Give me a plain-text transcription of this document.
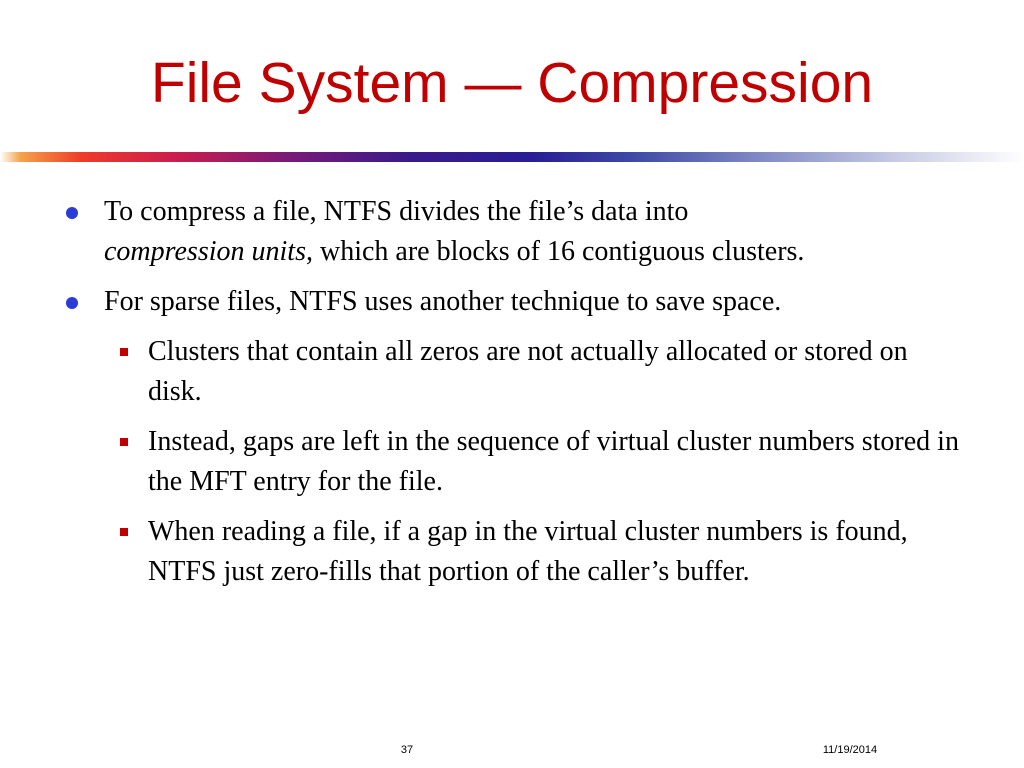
File System — Compression
To compress a file, NTFS divides the file’s data into
compression units, which are blocks of 16 contiguous clusters.
For sparse files, NTFS uses another technique to save space.
Clusters that contain all zeros are not actually allocated or stored on disk.
Instead, gaps are left in the sequence of virtual cluster numbers stored in the MFT entry for the file.
When reading a file, if a gap in the virtual cluster numbers is found, NTFS just zero-fills that portion of the caller’s buffer.
37	11/19/2014
